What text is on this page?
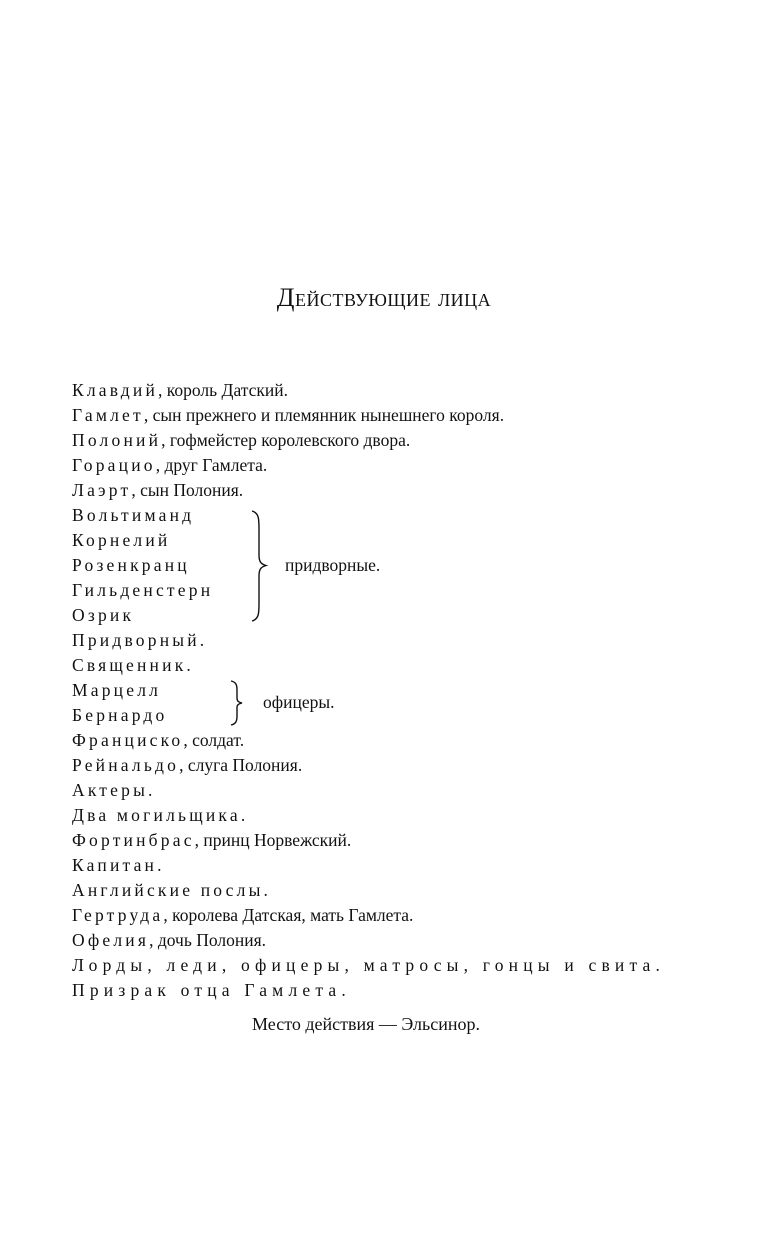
Действующие лица
Клавдий, король Датский.
Гамлет, сын прежнего и племянник нынешнего короля.
Полоний, гофмейстер королевского двора.
Горацио, друг Гамлета.
Лаэрт, сын Полония.
Вольтиманд
Корнелий
Розенкранц
Гильденстерн
Озрик
придворные.
Придворный.
Священник.
Марцелл
Бернардо
офицеры.
Франциско, солдат.
Рейнальдо, слуга Полония.
Актеры.
Два могильщика.
Фортинбрас, принц Норвежский.
Капитан.
Английские послы.
Гертруда, королева Датская, мать Гамлета.
Офелия, дочь Полония.
Лорды, леди, офицеры, матросы, гонцы и свита.
Призрак отца Гамлета.
Место действия — Эльсинор.
